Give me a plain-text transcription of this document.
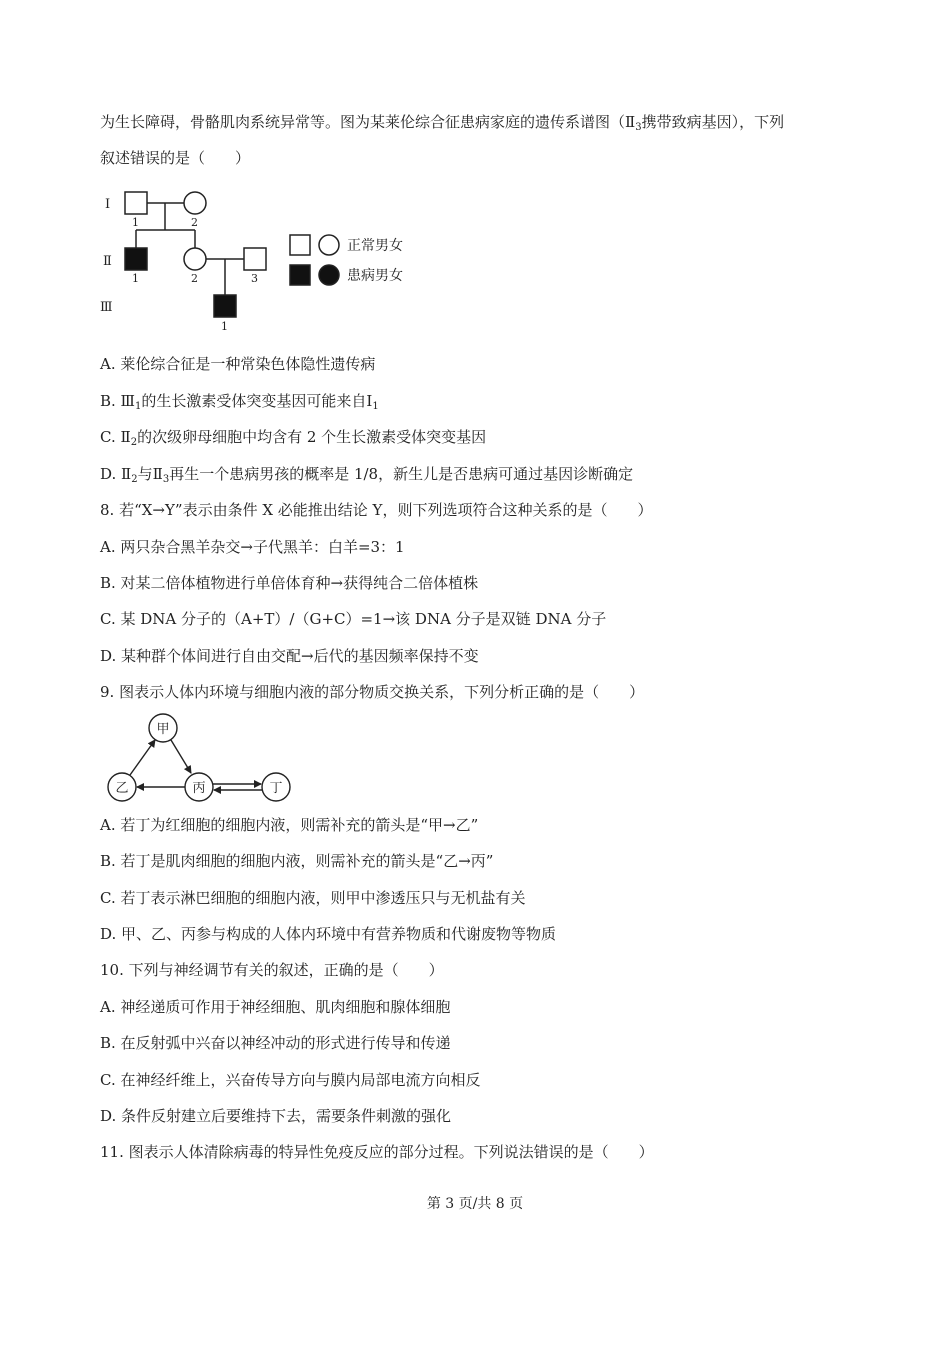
为生长障碍，骨骼肌肉系统异常等。图为某莱伦综合征患病家庭的遗传系谱图（$Ⅱ_3$携带致病基因），下列
叙述错误的是（　　）
Ⅰ
Ⅱ
Ⅲ
1	2
1	2	3
1
正常男女
患病男女
A. 莱伦综合征是一种常染色体隐性遗传病
B. $Ⅲ_1$的生长激素受体突变基因可能来自$Ⅰ_1$
C. $Ⅱ_2$的次级卵母细胞中均含有 2 个生长激素受体突变基因
D. $Ⅱ_2$与$Ⅱ_3$再生一个患病男孩的概率是 1/8，新生儿是否患病可通过基因诊断确定
8. 若“X→Y”表示由条件 X 必能推出结论 Y，则下列选项符合这种关系的是（　　）
A. 两只杂合黑羊杂交→子代黑羊：白羊=3：1
B. 对某二倍体植物进行单倍体育种→获得纯合二倍体植株
C. 某 DNA 分子的（A+T）/（G+C）=1→该 DNA 分子是双链 DNA 分子
D. 某种群个体间进行自由交配→后代的基因频率保持不变
9. 图表示人体内环境与细胞内液的部分物质交换关系，下列分析正确的是（　　）
甲
乙	丙	丁
A. 若丁为红细胞的细胞内液，则需补充的箭头是“甲→乙”
B. 若丁是肌肉细胞的细胞内液，则需补充的箭头是“乙→丙”
C. 若丁表示淋巴细胞的细胞内液，则甲中渗透压只与无机盐有关
D. 甲、乙、丙参与构成的人体内环境中有营养物质和代谢废物等物质
10. 下列与神经调节有关的叙述，正确的是（　　）
A. 神经递质可作用于神经细胞、肌肉细胞和腺体细胞
B. 在反射弧中兴奋以神经冲动的形式进行传导和传递
C. 在神经纤维上，兴奋传导方向与膜内局部电流方向相反
D. 条件反射建立后要维持下去，需要条件刺激的强化
11. 图表示人体清除病毒的特异性免疫反应的部分过程。下列说法错误的是（　　）
第 3 页/共 8 页
